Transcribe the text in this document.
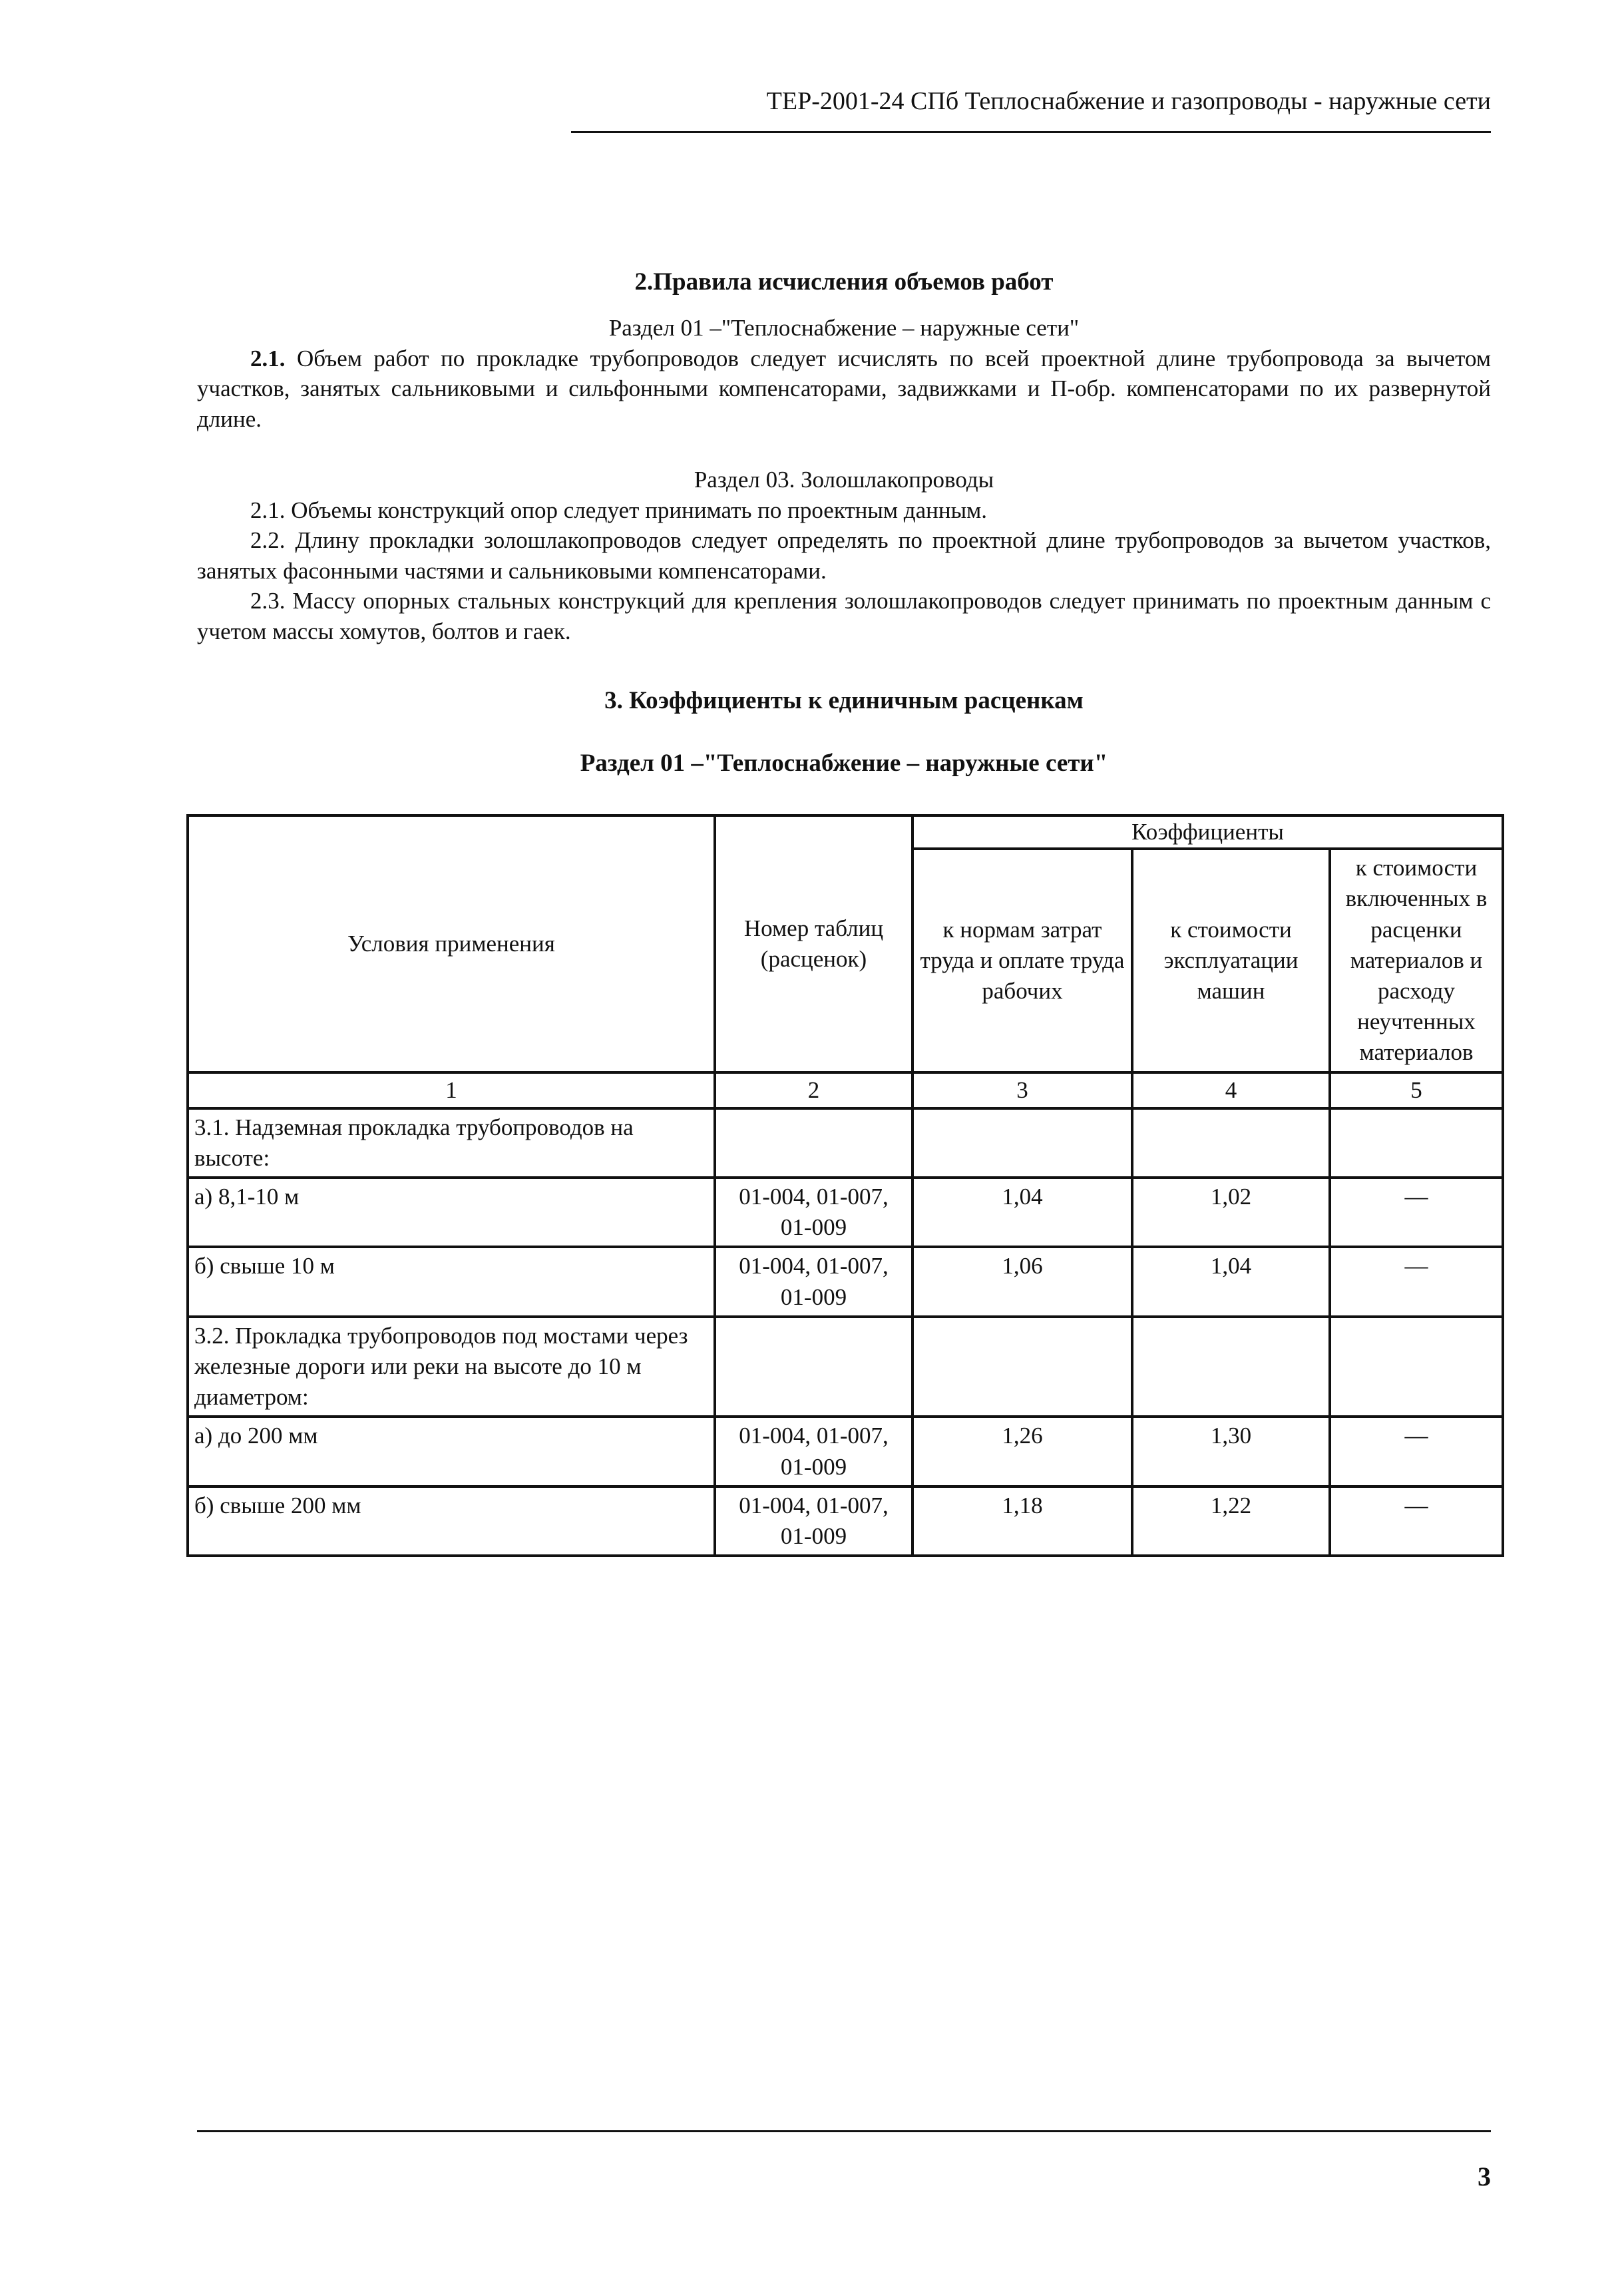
ТЕР-2001-24 СПб Теплоснабжение и газопроводы - наружные сети

2.Правила исчисления объемов работ

Раздел 01 –"Теплоснабжение – наружные сети"

2.1. Объем работ по прокладке трубопроводов следует исчислять по всей проектной длине трубопровода за вычетом участков, занятых сальниковыми и сильфонными компенсаторами, задвижками и П-обр. компенсаторами по их развернутой длине.

Раздел 03. Золошлакопроводы

2.1. Объемы конструкций опор следует принимать по проектным данным.

2.2. Длину прокладки золошлакопроводов следует определять по проектной длине трубопроводов за вычетом участков, занятых фасонными частями и сальниковыми компенсаторами.

2.3. Массу опорных стальных конструкций для крепления золошлакопроводов следует принимать по проектным данным с учетом массы хомутов, болтов и гаек.

3. Коэффициенты к единичным расценкам

Раздел 01 –"Теплоснабжение – наружные сети"

Условия применения	Номер таблиц (расценок)	Коэффициенты		
		к нормам затрат труда и оплате труда рабочих	к стоимости эксплуатации машин	к стоимости включенных в расценки материалов и расходу неучтенных материалов
1	2	3	4	5
3.1. Надземная прокладка трубопроводов на высоте:				
а) 8,1-10 м	01-004, 01-007, 01-009	1,04	1,02	—
б) свыше 10 м	01-004, 01-007, 01-009	1,06	1,04	—
3.2. Прокладка трубопроводов под мостами через железные дороги или реки на высоте до 10 м диаметром:				
а) до 200 мм	01-004, 01-007, 01-009	1,26	1,30	—
б) свыше 200 мм	01-004, 01-007, 01-009	1,18	1,22	—
3
